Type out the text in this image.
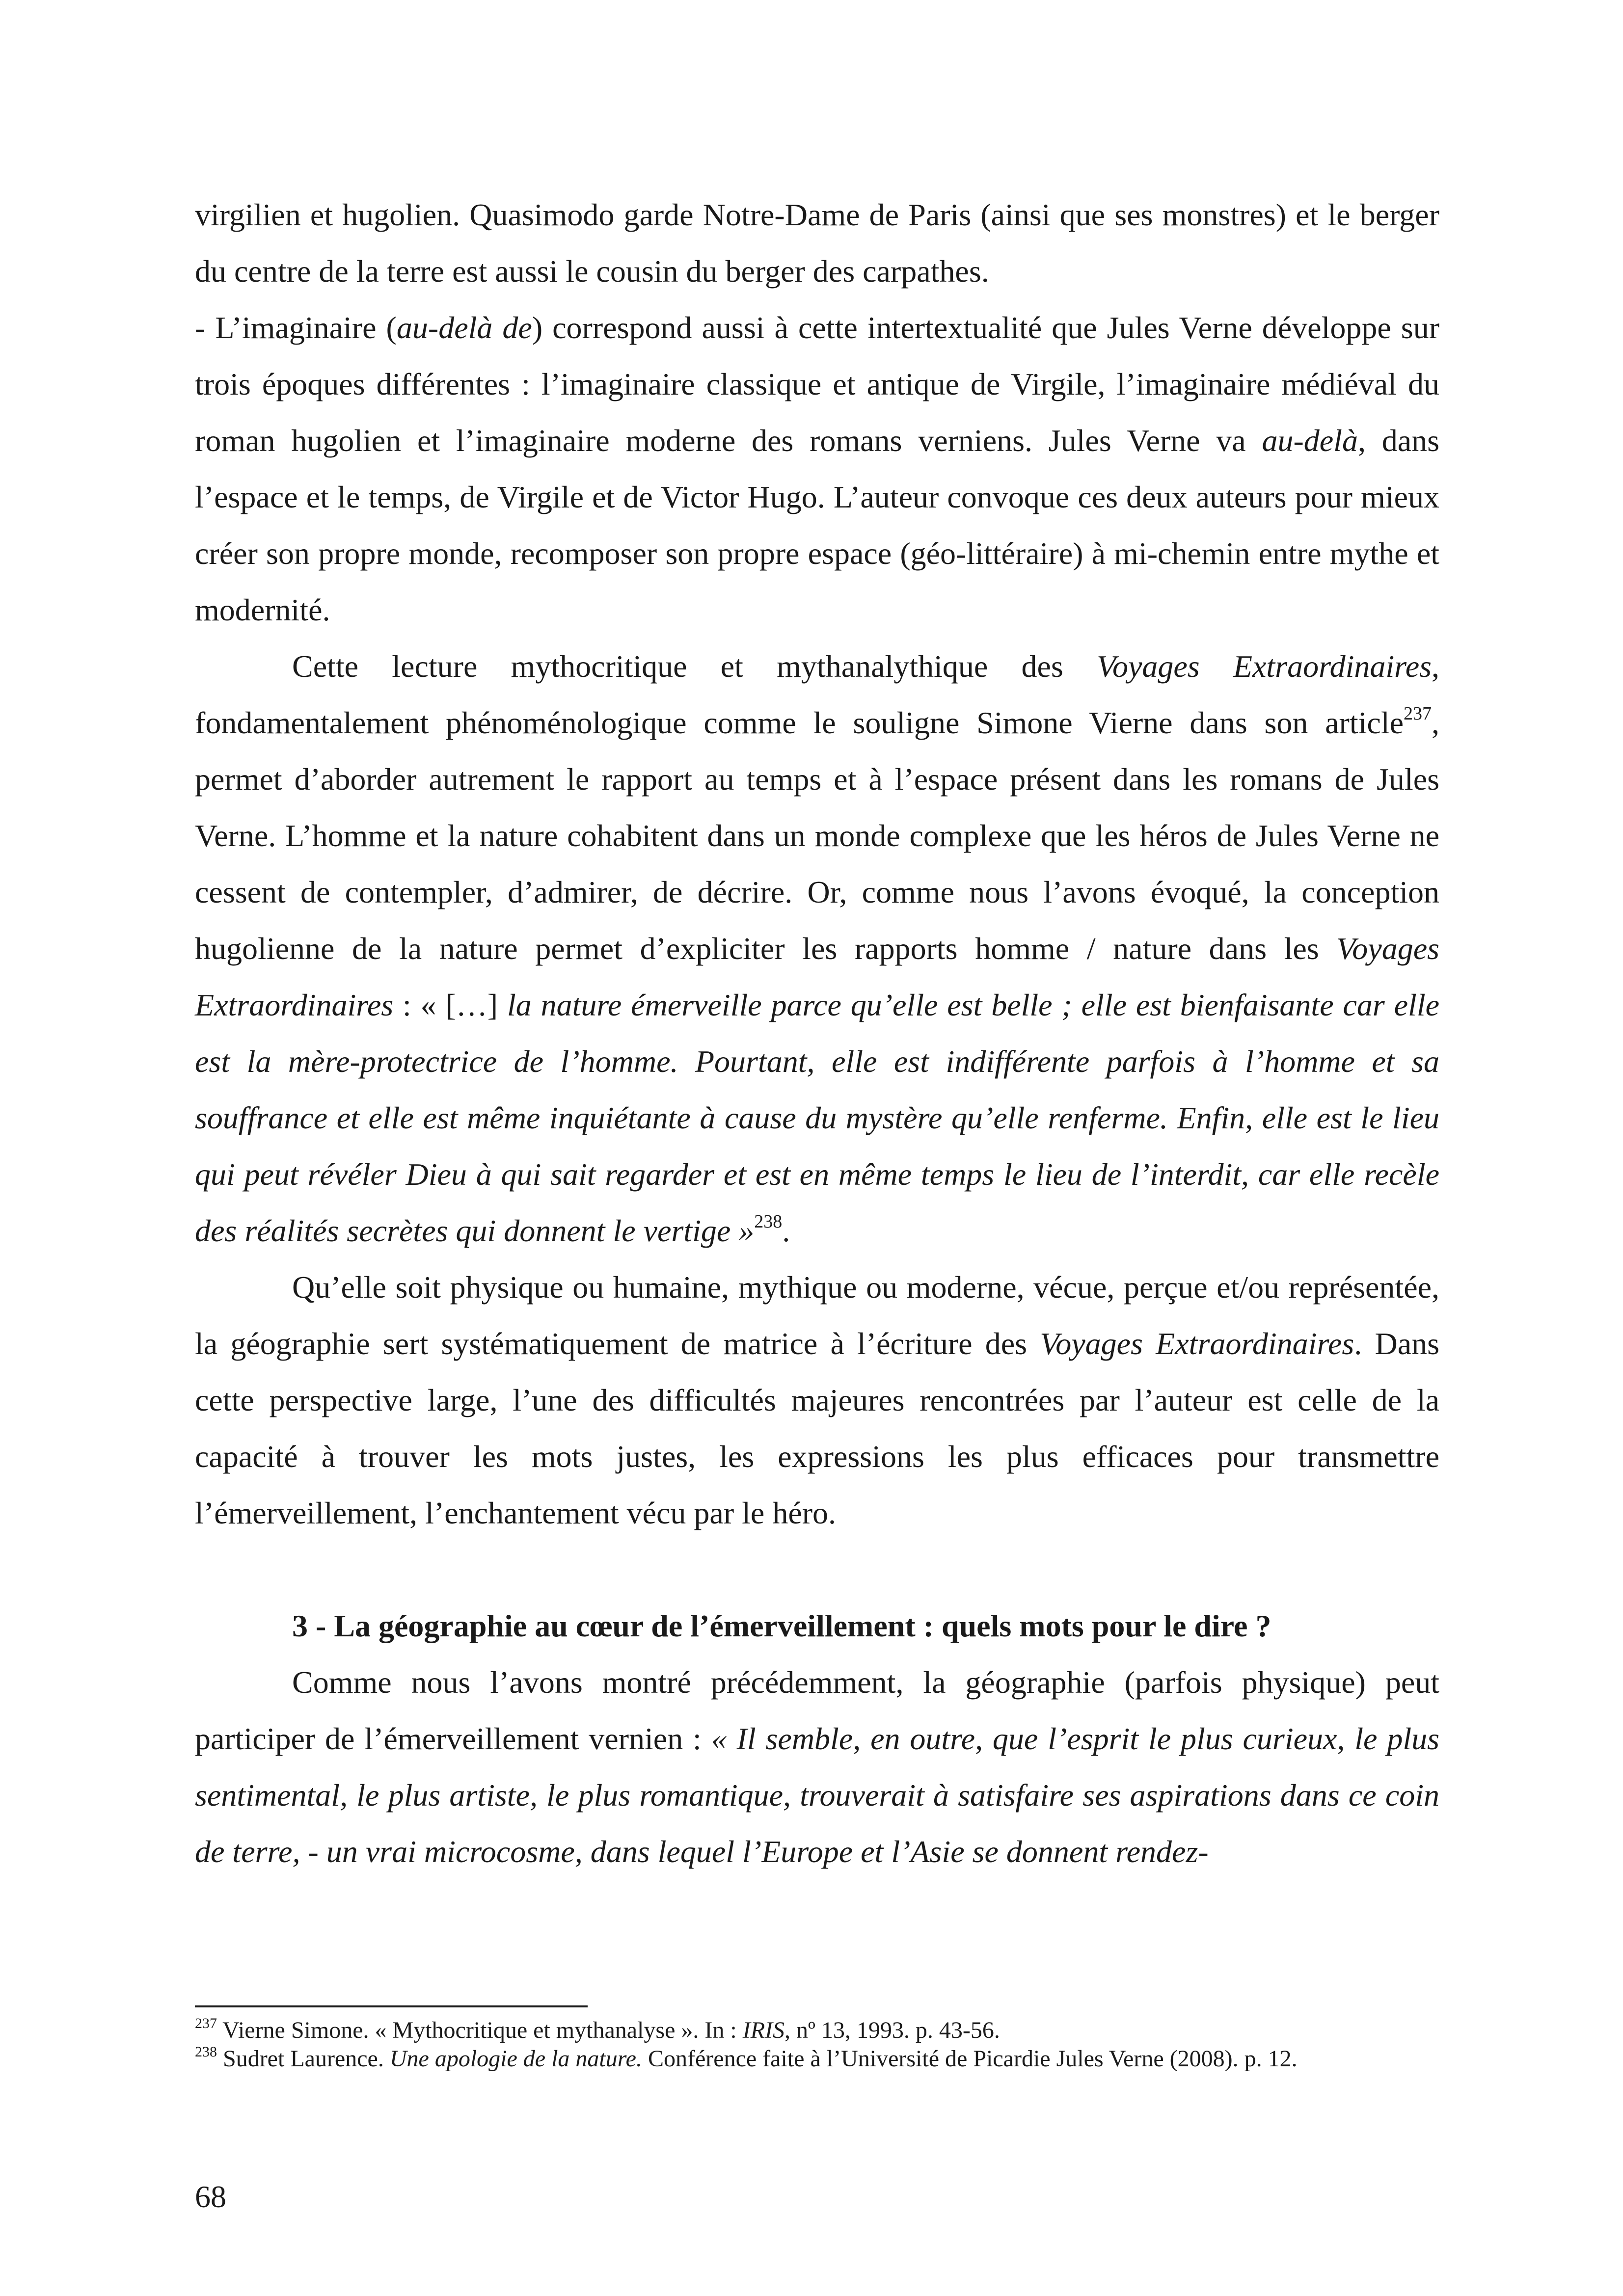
virgilien et hugolien. Quasimodo garde Notre-Dame de Paris (ainsi que ses monstres) et le berger du centre de la terre est aussi le cousin du berger des carpathes.

- L’imaginaire (au-delà de) correspond aussi à cette intertextualité que Jules Verne développe sur trois époques différentes : l’imaginaire classique et antique de Virgile, l’imaginaire médiéval du roman hugolien et l’imaginaire moderne des romans verniens. Jules Verne va au-delà, dans l’espace et le temps, de Virgile et de Victor Hugo. L’auteur convoque ces deux auteurs pour mieux créer son propre monde, recomposer son propre espace (géo-littéraire) à mi-chemin entre mythe et modernité.

Cette lecture mythocritique et mythanalythique des Voyages Extraordinaires, fondamentalement phénoménologique comme le souligne Simone Vierne dans son article$^{237}$, permet d’aborder autrement le rapport au temps et à l’espace présent dans les romans de Jules Verne. L’homme et la nature cohabitent dans un monde complexe que les héros de Jules Verne ne cessent de contempler, d’admirer, de décrire. Or, comme nous l’avons évoqué, la conception hugolienne de la nature permet d’expliciter les rapports homme / nature dans les Voyages Extraordinaires : « […] la nature émerveille parce qu’elle est belle ; elle est bienfaisante car elle est la mère-protectrice de l’homme. Pourtant, elle est indifférente parfois à l’homme et sa souffrance et elle est même inquiétante à cause du mystère qu’elle renferme. Enfin, elle est le lieu qui peut révéler Dieu à qui sait regarder et est en même temps le lieu de l’interdit, car elle recèle des réalités secrètes qui donnent le vertige »$^{238}$.

Qu’elle soit physique ou humaine, mythique ou moderne, vécue, perçue et/ou représentée, la géographie sert systématiquement de matrice à l’écriture des Voyages Extraordinaires. Dans cette perspective large, l’une des difficultés majeures rencontrées par l’auteur est celle de la capacité à trouver les mots justes, les expressions les plus efficaces pour transmettre l’émerveillement, l’enchantement vécu par le héro.

3 - La géographie au cœur de l’émerveillement : quels mots pour le dire ?

Comme nous l’avons montré précédemment, la géographie (parfois physique) peut participer de l’émerveillement vernien : « Il semble, en outre, que l’esprit le plus curieux, le plus sentimental, le plus artiste, le plus romantique, trouverait à satisfaire ses aspirations dans ce coin de terre, - un vrai microcosme, dans lequel l’Europe et l’Asie se donnent rendez-

$^{237}$ Vierne Simone. « Mythocritique et mythanalyse ». In : IRIS, nº 13, 1993. p. 43-56.

$^{238}$ Sudret Laurence. Une apologie de la nature. Conférence faite à l’Université de Picardie Jules Verne (2008). p. 12.

68
